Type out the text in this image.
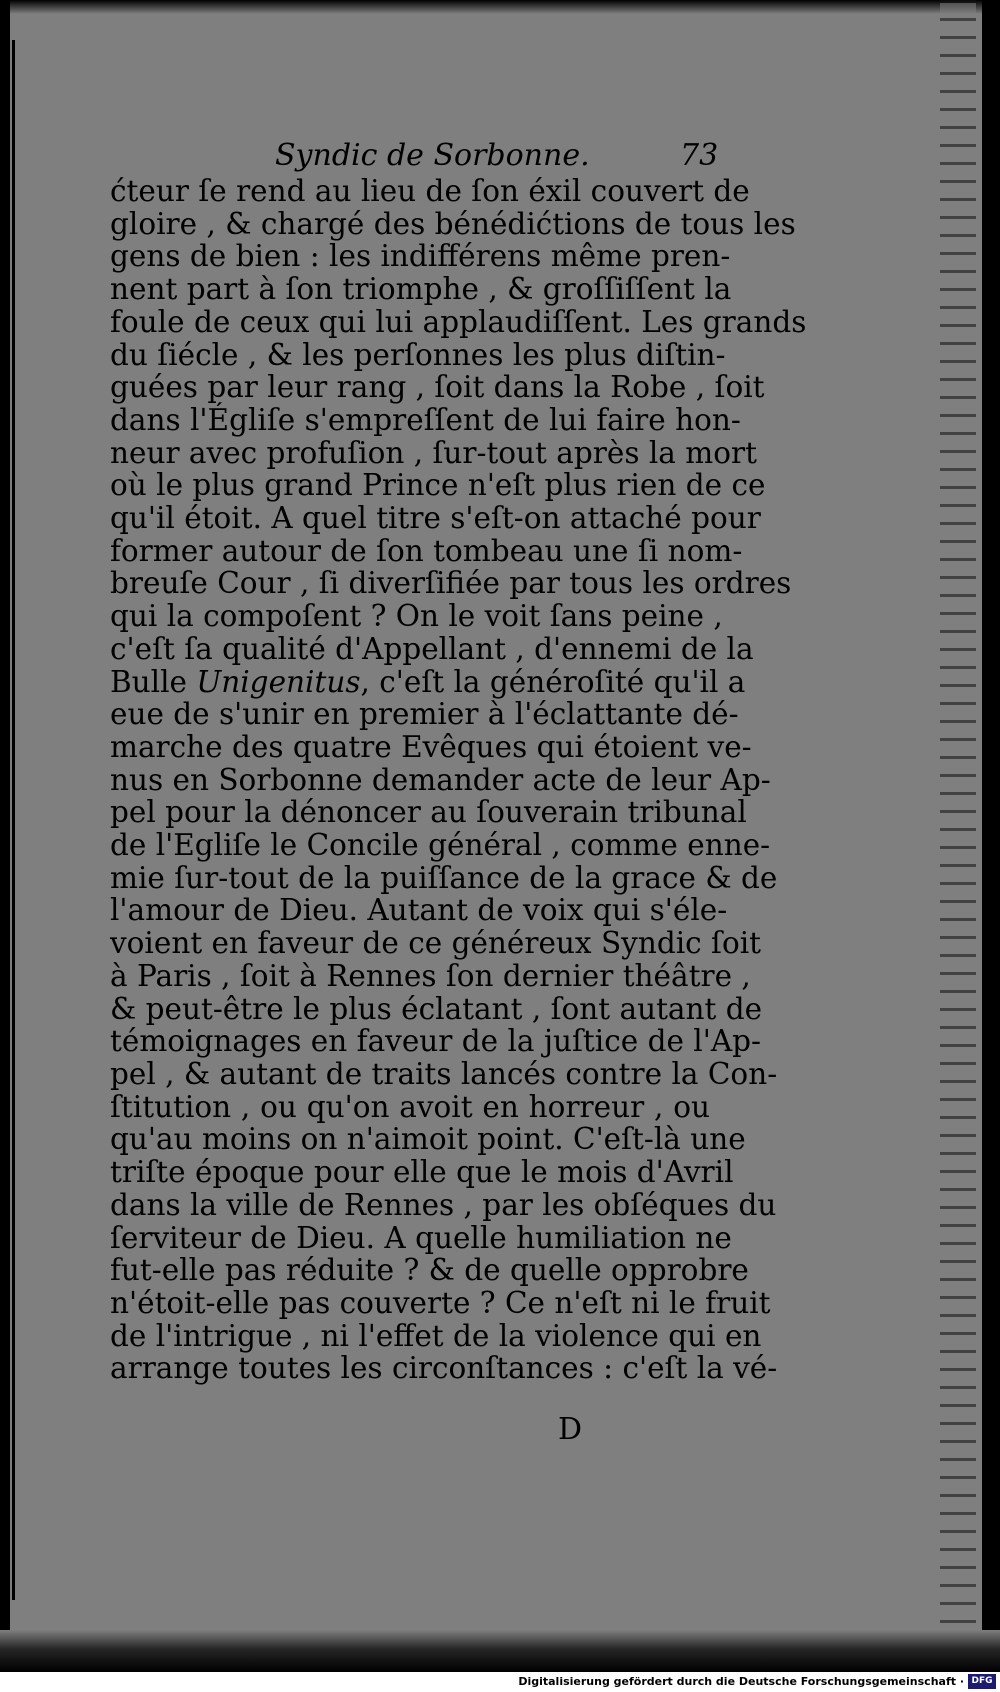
Syndic de Sorbonne.	73
ćteur ſe rend au lieu de ſon éxil couvert de
gloire , & chargé des bénédićtions de tous les
gens de bien : les indifférens même pren-
nent part à ſon triomphe , & groſſiſſent la
foule de ceux qui lui applaudiſſent. Les grands
du ſiécle , & les perſonnes les plus diſtin-
guées par leur rang , ſoit dans la Robe , ſoit
dans l'Égliſe s'empreſſent de lui faire hon-
neur avec profuſion , ſur-tout après la mort
où le plus grand Prince n'eſt plus rien de ce
qu'il étoit. A quel titre s'eſt-on attaché pour
former autour de ſon tombeau une ſi nom-
breuſe Cour , ſi diverſifiée par tous les ordres
qui la compoſent ? On le voit ſans peine ,
c'eſt ſa qualité d'Appellant , d'ennemi de la
Bulle Unigenitus, c'eſt la généroſité qu'il a
eue de s'unir en premier à l'éclattante dé-
marche des quatre Evêques qui étoient ve-
nus en Sorbonne demander acte de leur Ap-
pel pour la dénoncer au ſouverain tribunal
de l'Egliſe le Concile général , comme enne-
mie ſur-tout de la puiſſance de la grace & de
l'amour de Dieu. Autant de voix qui s'éle-
voient en faveur de ce généreux Syndic ſoit
à Paris , ſoit à Rennes ſon dernier théâtre ,
& peut-être le plus éclatant , ſont autant de
témoignages en faveur de la juſtice de l'Ap-
pel , & autant de traits lancés contre la Con-
ſtitution , ou qu'on avoit en horreur , ou
qu'au moins on n'aimoit point. C'eſt-là une
triſte époque pour elle que le mois d'Avril
dans la ville de Rennes , par les obſéques du
ſerviteur de Dieu. A quelle humiliation ne
fut-elle pas réduite ? & de quelle opprobre
n'étoit-elle pas couverte ? Ce n'eſt ni le fruit
de l'intrigue , ni l'effet de la violence qui en
arrange toutes les circonſtances : c'eſt la vé-
D
Digitalisierung gefördert durch die Deutsche Forschungsgemeinschaft · DFG
